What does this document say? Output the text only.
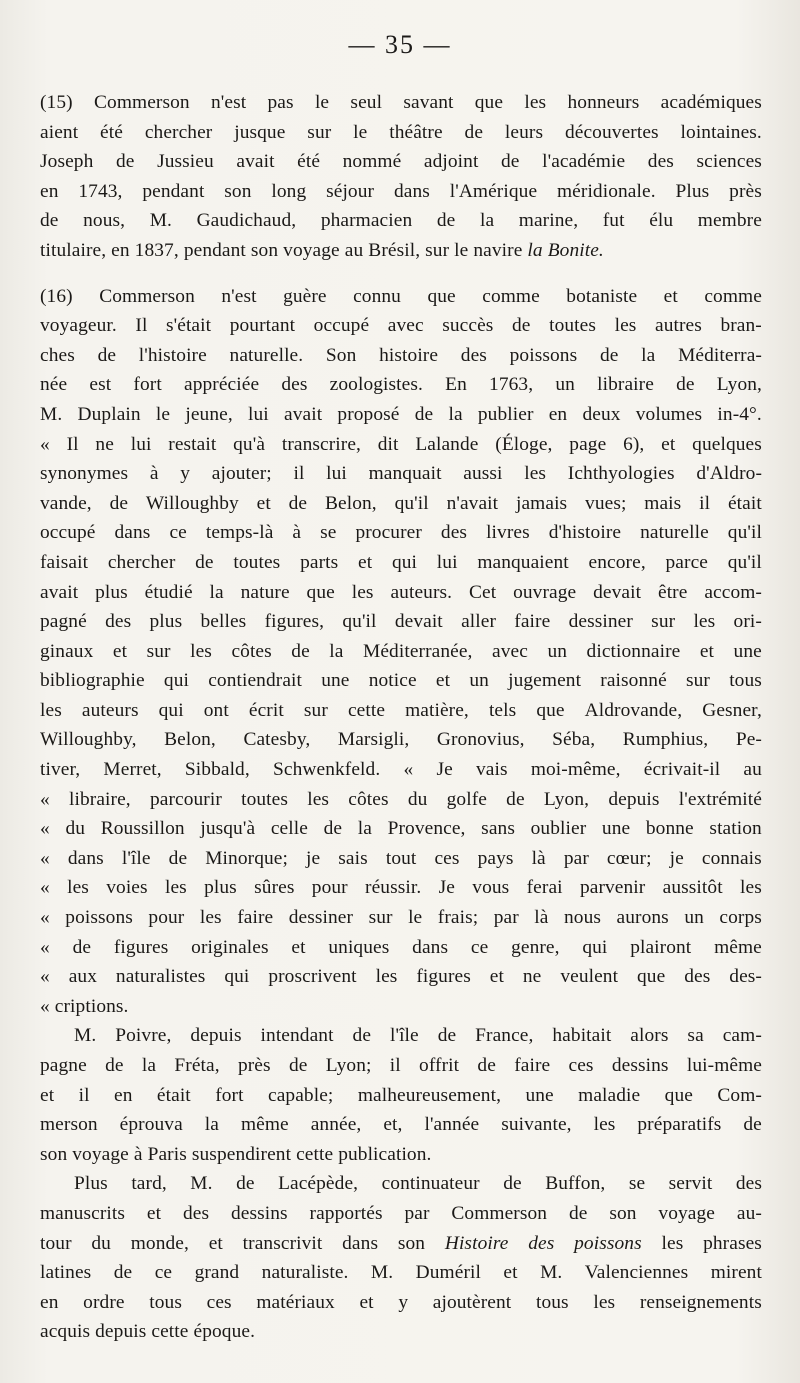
— 35 —
(15) Commerson n'est pas le seul savant que les honneurs académiques
aient été chercher jusque sur le théâtre de leurs découvertes lointaines.
Joseph de Jussieu avait été nommé adjoint de l'académie des sciences
en 1743, pendant son long séjour dans l'Amérique méridionale. Plus près
de nous, M. Gaudichaud, pharmacien de la marine, fut élu membre
titulaire, en 1837, pendant son voyage au Brésil, sur le navire la Bonite.
(16) Commerson n'est guère connu que comme botaniste et comme
voyageur. Il s'était pourtant occupé avec succès de toutes les autres bran-
ches de l'histoire naturelle. Son histoire des poissons de la Méditerra-
née est fort appréciée des zoologistes. En 1763, un libraire de Lyon,
M. Duplain le jeune, lui avait proposé de la publier en deux volumes in-4°.
« Il ne lui restait qu'à transcrire, dit Lalande (Éloge, page 6), et quelques
synonymes à y ajouter; il lui manquait aussi les Ichthyologies d'Aldro-
vande, de Willoughby et de Belon, qu'il n'avait jamais vues; mais il était
occupé dans ce temps-là à se procurer des livres d'histoire naturelle qu'il
faisait chercher de toutes parts et qui lui manquaient encore, parce qu'il
avait plus étudié la nature que les auteurs. Cet ouvrage devait être accom-
pagné des plus belles figures, qu'il devait aller faire dessiner sur les ori-
ginaux et sur les côtes de la Méditerranée, avec un dictionnaire et une
bibliographie qui contiendrait une notice et un jugement raisonné sur tous
les auteurs qui ont écrit sur cette matière, tels que Aldrovande, Gesner,
Willoughby, Belon, Catesby, Marsigli, Gronovius, Séba, Rumphius, Pe-
tiver, Merret, Sibbald, Schwenkfeld. « Je vais moi-même, écrivait-il au
« libraire, parcourir toutes les côtes du golfe de Lyon, depuis l'extrémité
« du Roussillon jusqu'à celle de la Provence, sans oublier une bonne station
« dans l'île de Minorque; je sais tout ces pays là par cœur; je connais
« les voies les plus sûres pour réussir. Je vous ferai parvenir aussitôt les
« poissons pour les faire dessiner sur le frais; par là nous aurons un corps
« de figures originales et uniques dans ce genre, qui plairont même
« aux naturalistes qui proscrivent les figures et ne veulent que des des-
« criptions.
M. Poivre, depuis intendant de l'île de France, habitait alors sa cam-
pagne de la Fréta, près de Lyon; il offrit de faire ces dessins lui-même
et il en était fort capable; malheureusement, une maladie que Com-
merson éprouva la même année, et, l'année suivante, les préparatifs de
son voyage à Paris suspendirent cette publication.
Plus tard, M. de Lacépède, continuateur de Buffon, se servit des
manuscrits et des dessins rapportés par Commerson de son voyage au-
tour du monde, et transcrivit dans son Histoire des poissons les phrases
latines de ce grand naturaliste. M. Duméril et M. Valenciennes mirent
en ordre tous ces matériaux et y ajoutèrent tous les renseignements
acquis depuis cette époque.
